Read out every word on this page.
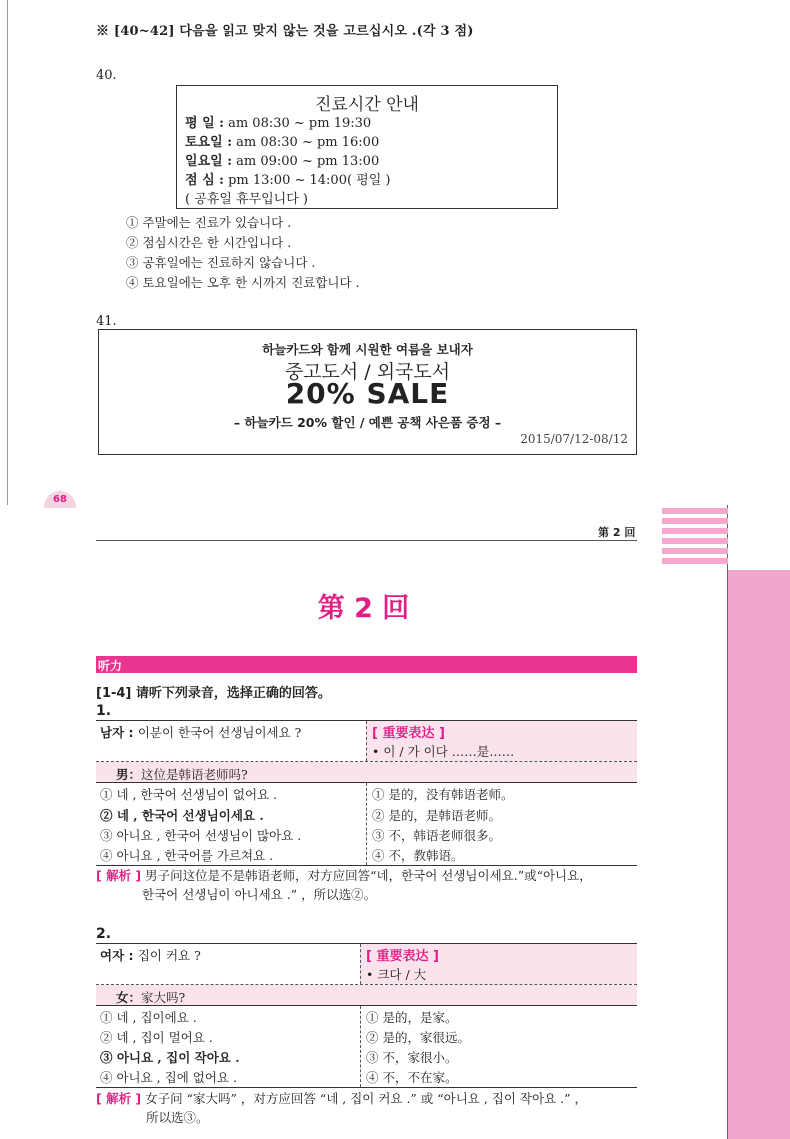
※ [40~42] 다음을 읽고 맞지 않는 것을 고르십시오 .(각 3 점)
40.
진료시간 안내
평 일 : am 08:30 ~ pm 19:30
토요일 : am 08:30 ~ pm 16:00
일요일 : am 09:00 ~ pm 13:00
점 심 : pm 13:00 ~ 14:00( 평일 )
( 공휴일 휴무입니다 )
① 주말에는 진료가 있습니다 .
② 점심시간은 한 시간입니다 .
③ 공휴일에는 진료하지 않습니다 .
④ 토요일에는 오후 한 시까지 진료합니다 .
41.
하늘카드와 함께 시원한 여름을 보내자
중고도서 / 외국도서
20% SALE
– 하늘카드 20% 할인 / 예쁜 공책 사은품 증정 –
2015/07/12-08/12
68
第 2 回
第 2 回
听力
[1-4] 请听下列录音，选择正确的回答。
1.
남자 : 이분이 한국어 선생님이세요 ?	[ 重要表达 ]
• 이 / 가 이다 ……是……
男：这位是韩语老师吗?
① 네 , 한국어 선생님이 없어요 .
② 네 , 한국어 선생님이세요 .
③ 아니요 , 한국어 선생님이 많아요 .
④ 아니요 , 한국어를 가르쳐요 .
① 是的，没有韩语老师。
② 是的，是韩语老师。
③ 不，韩语老师很多。
④ 不，教韩语。
[ 解析 ] 男子问这位是不是韩语老师，对方应回答“네，한국어 선생님이세요.”或“아니요，
한국어 선생님이 아니세요 .” ，所以选②。
2.
여자 : 집이 커요 ?	[ 重要表达 ]
• 크다 / 大
女：家大吗?
① 네 , 집이에요 .
② 네 , 집이 멀어요 .
③ 아니요 , 집이 작아요 .
④ 아니요 , 집에 없어요 .
① 是的，是家。
② 是的，家很远。
③ 不，家很小。
④ 不，不在家。
[ 解析 ] 女子问 “家大吗” ，对方应回答 “네 , 집이 커요 .” 或 “아니요 , 집이 작아요 .” ，
所以选③。
